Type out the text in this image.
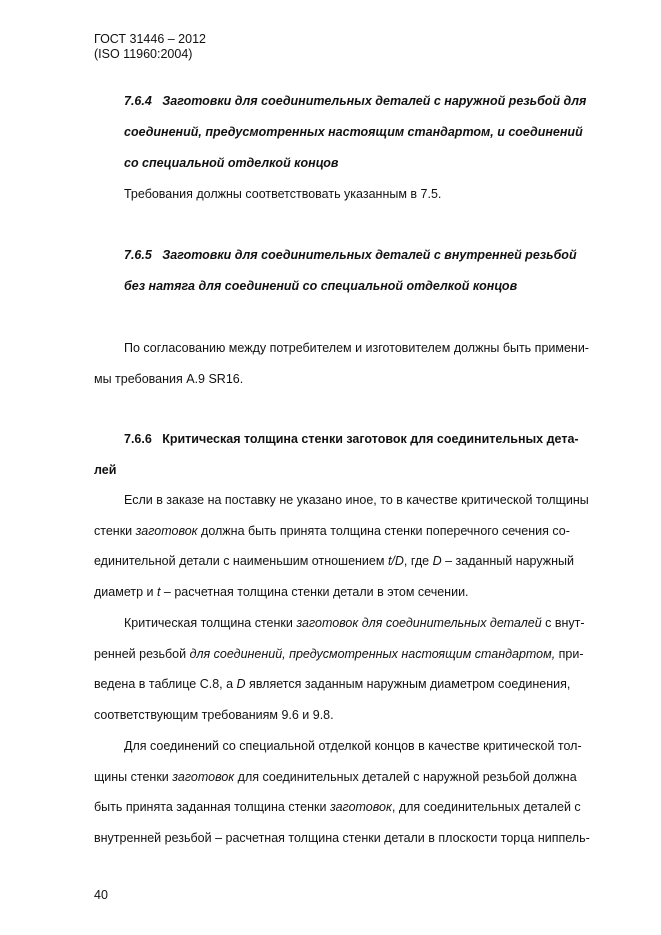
ГОСТ 31446 – 2012
(ISO 11960:2004)
7.6.4 Заготовки для соединительных деталей с наружной резьбой для
соединений, предусмотренных настоящим стандартом, и соединений
со специальной отделкой концов
Требования должны соответствовать указанным в 7.5.
7.6.5 Заготовки для соединительных деталей с внутренней резьбой
без натяга для соединений со специальной отделкой концов
По согласованию между потребителем и изготовителем должны быть примени-
мы требования А.9 SR16.
7.6.6 Критическая толщина стенки заготовок для соединительных дета-
лей
Если в заказе на поставку не указано иное, то в качестве критической толщины
стенки заготовок должна быть принята толщина стенки поперечного сечения со-
единительной детали с наименьшим отношением t/D, где D – заданный наружный
диаметр и t – расчетная толщина стенки детали в этом сечении.
Критическая толщина стенки заготовок для соединительных деталей с внут-
ренней резьбой для соединений, предусмотренных настоящим стандартом, при-
ведена в таблице С.8, а D является заданным наружным диаметром соединения,
соответствующим требованиям 9.6 и 9.8.
Для соединений со специальной отделкой концов в качестве критической тол-
щины стенки заготовок для соединительных деталей с наружной резьбой должна
быть принята заданная толщина стенки заготовок, для соединительных деталей с
внутренней резьбой – расчетная толщина стенки детали в плоскости торца ниппель-
40
